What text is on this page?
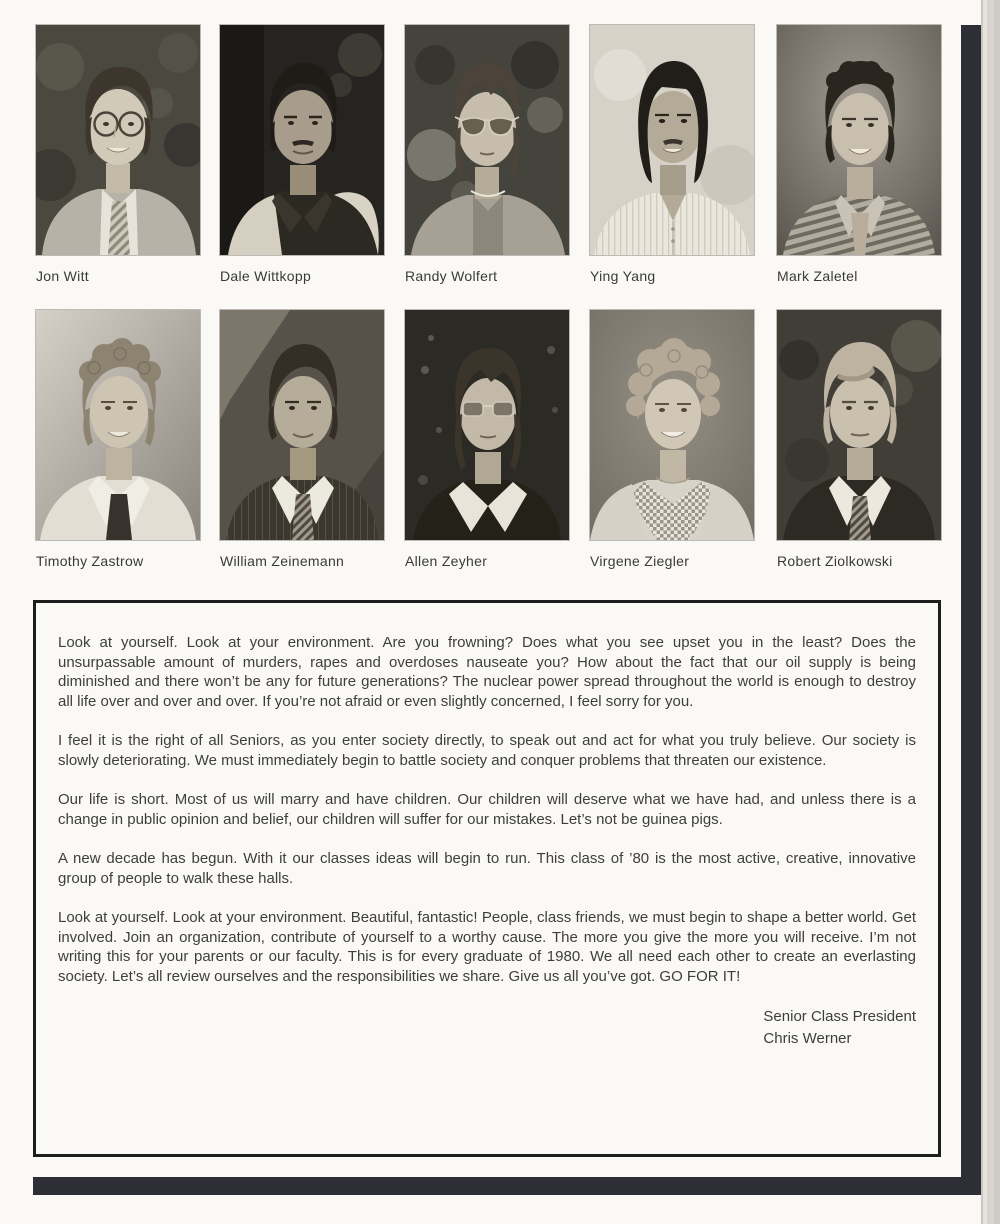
Jon Witt	Dale Wittkopp	Randy Wolfert	Ying Yang	Mark Zaletel
Timothy Zastrow	William Zeinemann	Allen Zeyher	Virgene Ziegler	Robert Ziolkowski

Look at yourself. Look at your environment. Are you frowning? Does what you see upset you in the least? Does the unsurpassable amount of murders, rapes and overdoses nauseate you? How about the fact that our oil supply is being diminished and there won’t be any for future generations? The nuclear power spread throughout the world is enough to destroy all life over and over and over. If you’re not afraid or even slightly concerned, I feel sorry for you.

I feel it is the right of all Seniors, as you enter society directly, to speak out and act for what you truly believe. Our society is slowly deteriorating. We must immediately begin to battle society and conquer problems that threaten our existence.

Our life is short. Most of us will marry and have children. Our children will deserve what we have had, and unless there is a change in public opinion and belief, our children will suffer for our mistakes. Let’s not be guinea pigs.

A new decade has begun. With it our classes ideas will begin to run. This class of ’80 is the most active, creative, innovative group of people to walk these halls.

Look at yourself. Look at your environment. Beautiful, fantastic! People, class friends, we must begin to shape a better world. Get involved. Join an organization, contribute of yourself to a worthy cause. The more you give the more you will receive. I’m not writing this for your parents or our faculty. This is for every graduate of 1980. We all need each other to create an everlasting society. Let’s all review ourselves and the responsibilities we share. Give us all you’ve got. GO FOR IT!

Senior Class President
Chris Werner
